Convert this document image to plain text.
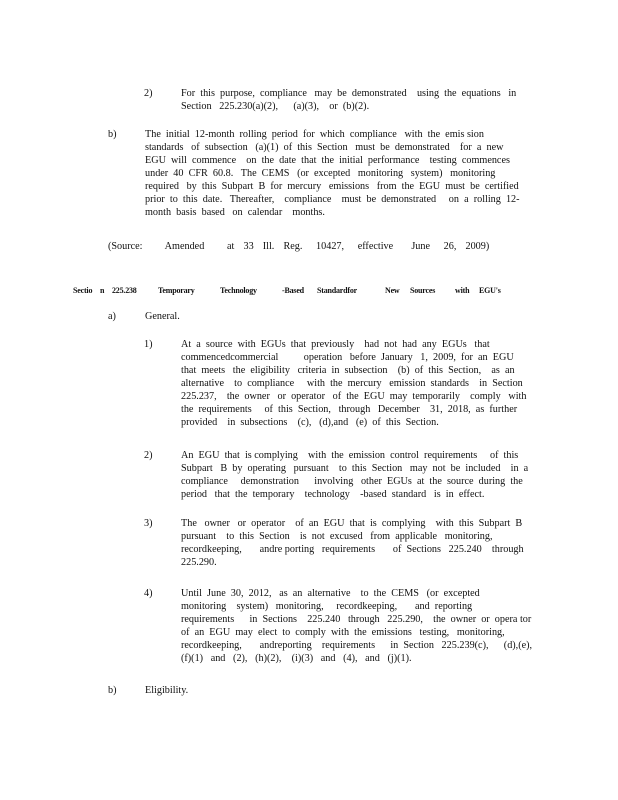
2)	For  this  purpose,  compliance   may  be  demonstrated    using  the  equations   in
Section   225.230(a)(2),      (a)(3),    or  (b)(2).
b)	The  initial  12-month  rolling  period  for  which  compliance   with  the  emis sion
standards   of  subsection   (a)(1)  of  this  Section   must  be  demonstrated    for  a  new
EGU  will  commence    on  the  date  that  the  initial  performance    testing  commences
under  40  CFR  60.8.   The  CEMS   (or  excepted   monitoring   system)   monitoring
required   by  this  Subpart  B  for  mercury   emissions   from  the  EGU  must  be  certified
prior  to  this  date.   Thereafter,    compliance    must  be  demonstrated     on  a  rolling  12-
month  basis  based   on  calendar    months.
(Source:     Amended     at  33  Ill.  Reg.   10427,   effective    June   26,  2009)
Sectio n 225.238	Temporary	Technology	-Based Standardfor	New Sources with EGU's
a)	General.
1)	At  a  source  with  EGUs  that  previously    had  not  had  any  EGUs   that
commencedcommercial          operation   before  January   1,  2009,  for  an  EGU
that  meets   the  eligibility   criteria  in  subsection    (b)  of  this  Section,    as  an
alternative    to  compliance     with  the  mercury   emission  standards    in  Section
225.237,    the  owner   or  operator   of  the  EGU  may  temporarily    comply   with
the  requirements     of  this  Section,   through   December    31,  2018,  as  further
provided    in  subsections    (c),   (d),and   (e)  of  this  Section.
2)	An  EGU  that  is complying    with  the  emission  control  requirements     of  this
Subpart   B  by  operating   pursuant    to  this  Section   may  not  be  included    in  a
compliance     demonstration      involving   other  EGUs  at  the  source  during  the
period   that  the  temporary    technology    -based  standard   is  in  effect.
3)	The   owner   or  operator    of  an  EGU  that  is  complying    with  this  Subpart  B
pursuant    to  this  Section    is  not  excused   from  applicable   monitoring,
recordkeeping,       andre porting   requirements       of  Sections   225.240    through
225.290.
4)	Until  June  30,  2012,   as  an  alternative    to  the  CEMS   (or  excepted
monitoring    system)   monitoring,     recordkeeping,       and  reporting
requirements      in  Sections    225.240   through   225.290,    the  owner  or  opera tor
of  an  EGU  may  elect  to  comply  with  the  emissions   testing,   monitoring,
recordkeeping,       andreporting    requirements      in  Section   225.239(c),      (d),(e),
(f)(1)   and   (2),   (h)(2),    (i)(3)   and   (4),   and   (j)(1).
b)	Eligibility.
